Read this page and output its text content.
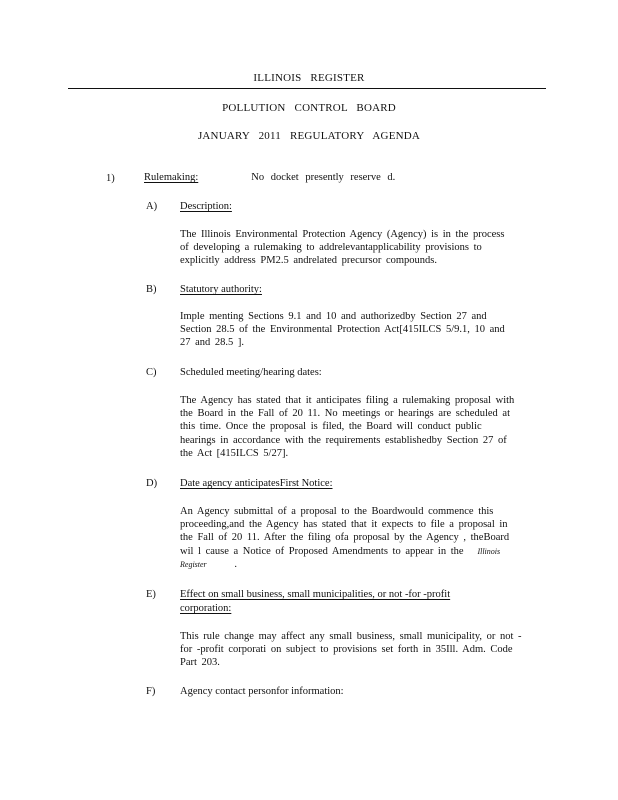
ILLINOIS REGISTER
POLLUTION CONTROL BOARD
JANUARY 2011 REGULATORY AGENDA
1)	Rulemaking:	No docket presently reserve d.
A) Description:
The Illinois Environmental Protection Agency (Agency) is in the process
of developing a rulemaking to addrelevantapplicability provisions to
explicitly address PM2.5 andrelated precursor compounds.
B) Statutory authority:
Imple menting Sections 9.1 and 10 and authorizedby Section 27 and
Section 28.5 of the Environmental Protection Act[415ILCS 5/9.1, 10 and
27 and 28.5 ].
C) Scheduled meeting/hearing dates:
The Agency has stated that it anticipates filing a rulemaking proposal with
the Board in the Fall of 20 11. No meetings or hearings are scheduled at
this time. Once the proposal is filed, the Board will conduct public
hearings in accordance with the requirements establishedby Section 27 of
the Act [415ILCS 5/27].
D) Date agency anticipatesFirst Notice:
An Agency submittal of a proposal to the Boardwould commence this
proceeding,and the Agency has stated that it expects to file a proposal in
the Fall of 20 11. After the filing ofa proposal by the Agency , theBoard
wil l cause a Notice of Proposed Amendments to appear in the Illinois
Register	.
E) Effect on small business, small municipalities, or not -for -profit
corporation:
This rule change may affect any small business, small municipality, or not -
for -profit corporati on subject to provisions set forth in 35Ill. Adm. Code
Part 203.
F) Agency contact personfor information:
